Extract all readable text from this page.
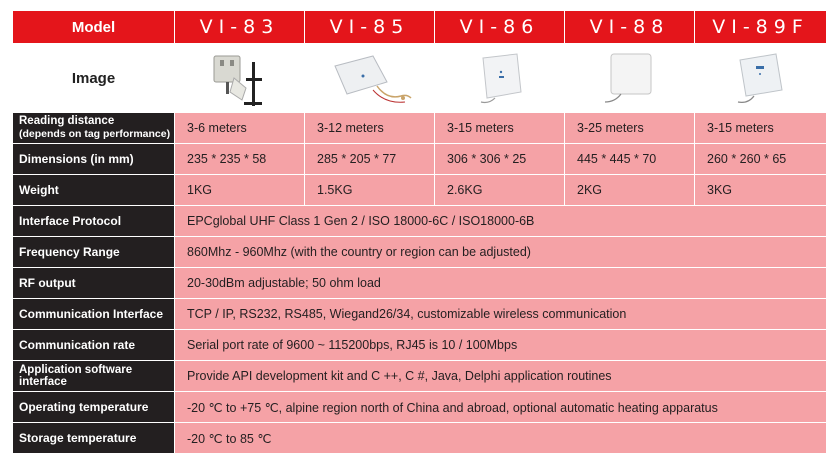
Model	VI-83	VI-85	VI-86	VI-88	VI-89F
Image					

Reading distance
(depends on tag performance)	3-6 meters	3-12 meters	3-15 meters	3-25 meters	3-15 meters
Dimensions (in mm)	235 * 235 * 58	285 * 205 * 77	306 * 306 * 25	445 * 445 * 70	260 * 260 * 65
Weight	1KG	1.5KG	2.6KG	2KG	3KG
Interface Protocol	EPCglobal UHF Class 1 Gen 2 / ISO 18000-6C / ISO18000-6B				
Frequency Range	860Mhz - 960Mhz (with the country or region can be adjusted)				
RF output	20-30dBm adjustable; 50 ohm load				
Communication Interface	TCP / IP, RS232, RS485, Wiegand26/34, customizable wireless communication				
Communication rate	Serial port rate of 9600 ~ 115200bps, RJ45 is 10 / 100Mbps				
Application software interface	Provide API development kit and C ++, C #, Java, Delphi application routines				
Operating temperature	-20 ℃ to +75 ℃, alpine region north of China and abroad, optional automatic heating apparatus				
Storage temperature	-20 ℃ to 85 ℃				
